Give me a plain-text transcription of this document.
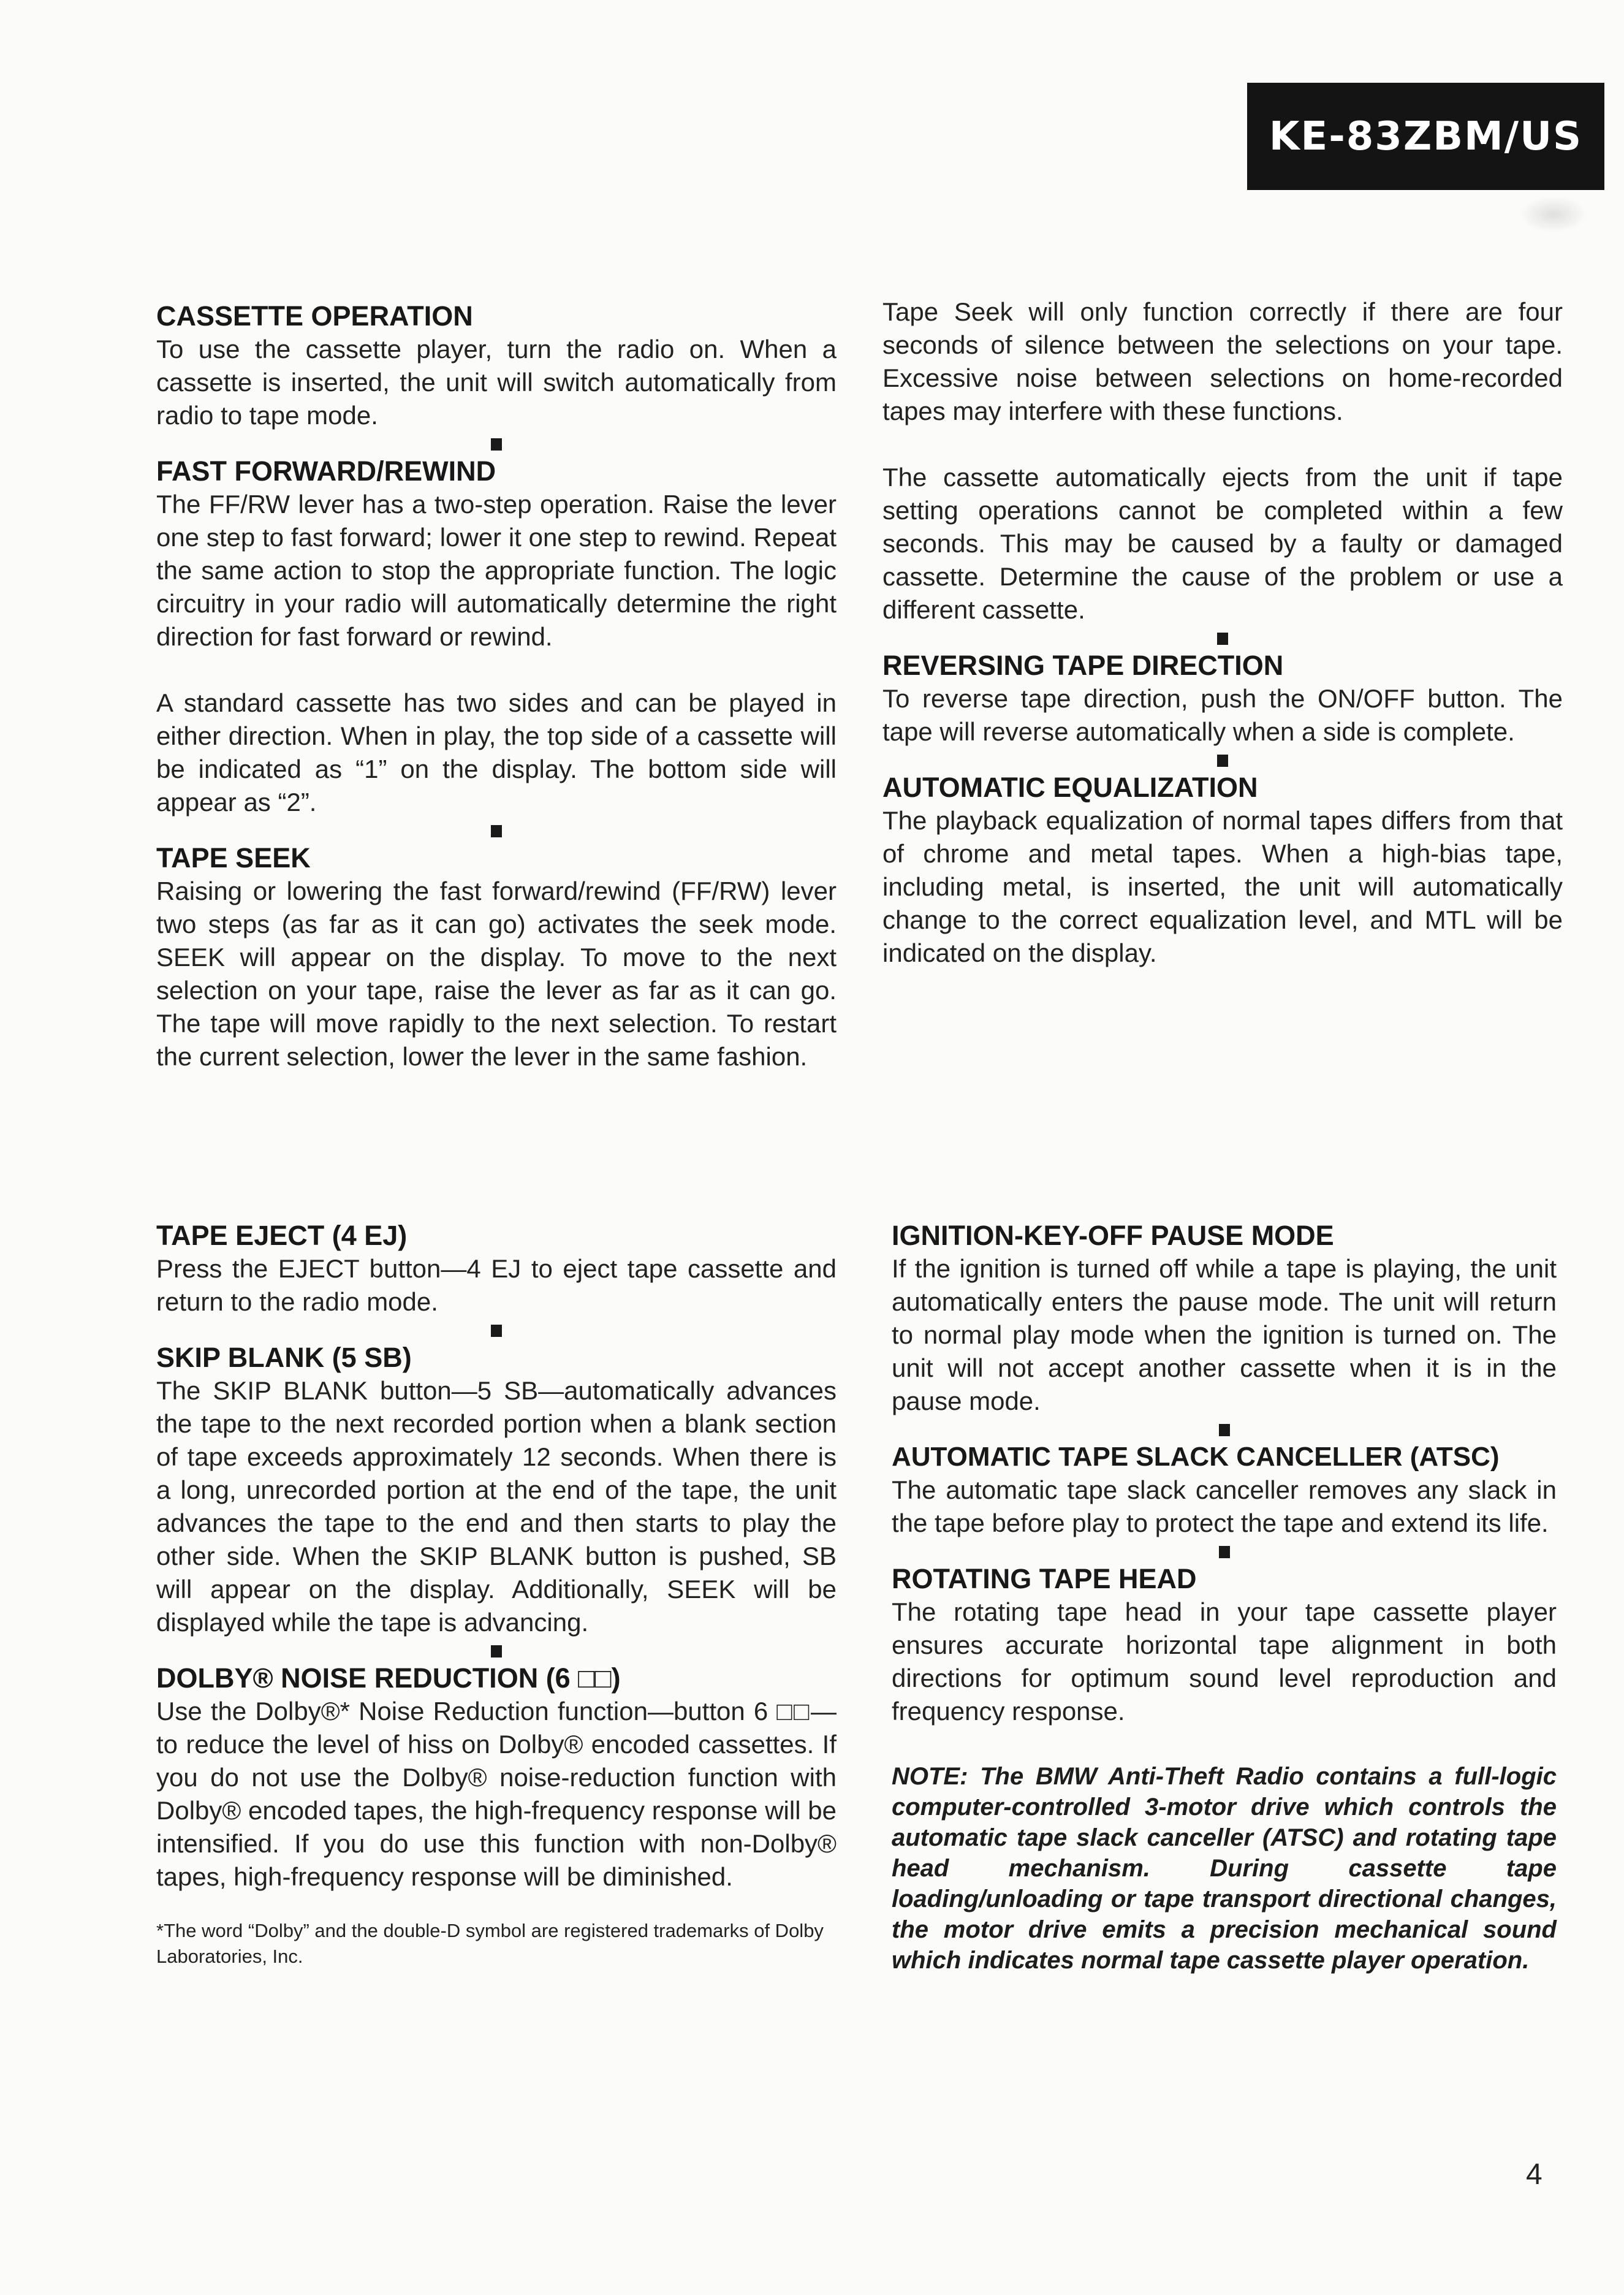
KE-83ZBM/US

CASSETTE OPERATION

To use the cassette player, turn the radio on. When a cassette is inserted, the unit will switch automatically from radio to tape mode.

FAST FORWARD/REWIND

The FF/RW lever has a two-step operation. Raise the lever one step to fast forward; lower it one step to rewind. Repeat the same action to stop the appropriate function. The logic circuitry in your radio will automatically determine the right direction for fast forward or rewind.

A standard cassette has two sides and can be played in either direction. When in play, the top side of a cassette will be indicated as “1” on the display. The bottom side will appear as “2”.

TAPE SEEK

Raising or lowering the fast forward/rewind (FF/RW) lever two steps (as far as it can go) activates the seek mode. SEEK will appear on the display. To move to the next selection on your tape, raise the lever as far as it can go. The tape will move rapidly to the next selection. To restart the current selection, lower the lever in the same fashion.

Tape Seek will only function correctly if there are four seconds of silence between the selections on your tape. Excessive noise between selections on home-recorded tapes may interfere with these functions.

The cassette automatically ejects from the unit if tape setting operations cannot be completed within a few seconds. This may be caused by a faulty or damaged cassette. Determine the cause of the problem or use a different cassette.

REVERSING TAPE DIRECTION

To reverse tape direction, push the ON/OFF button. The tape will reverse automatically when a side is complete.

AUTOMATIC EQUALIZATION

The playback equalization of normal tapes differs from that of chrome and metal tapes. When a high-bias tape, including metal, is inserted, the unit will automatically change to the correct equalization level, and MTL will be indicated on the display.

TAPE EJECT (4 EJ)

Press the EJECT button—4 EJ to eject tape cassette and return to the radio mode.

SKIP BLANK (5 SB)

The SKIP BLANK button—5 SB—automatically advances the tape to the next recorded portion when a blank section of tape exceeds approximately 12 seconds. When there is a long, unrecorded portion at the end of the tape, the unit advances the tape to the end and then starts to play the other side. When the SKIP BLANK button is pushed, SB will appear on the display. Additionally, SEEK will be displayed while the tape is advancing.

DOLBY® NOISE REDUCTION (6 □□)

Use the Dolby®* Noise Reduction function—button 6 □□—to reduce the level of hiss on Dolby® encoded cassettes. If you do not use the Dolby® noise-reduction function with Dolby® encoded tapes, the high-frequency response will be intensified. If you do use this function with non-Dolby® tapes, high-frequency response will be diminished.

*The word “Dolby” and the double-D symbol are registered trademarks of Dolby Laboratories, Inc.

IGNITION-KEY-OFF PAUSE MODE

If the ignition is turned off while a tape is playing, the unit automatically enters the pause mode. The unit will return to normal play mode when the ignition is turned on. The unit will not accept another cassette when it is in the pause mode.

AUTOMATIC TAPE SLACK CANCELLER (ATSC)

The automatic tape slack canceller removes any slack in the tape before play to protect the tape and extend its life.

ROTATING TAPE HEAD

The rotating tape head in your tape cassette player ensures accurate horizontal tape alignment in both directions for optimum sound level reproduction and frequency response.

NOTE: The BMW Anti-Theft Radio contains a full-logic computer-controlled 3-motor drive which controls the automatic tape slack canceller (ATSC) and rotating tape head mechanism. During cassette tape loading/unloading or tape transport directional changes, the motor drive emits a precision mechanical sound which indicates normal tape cassette player operation.

4
